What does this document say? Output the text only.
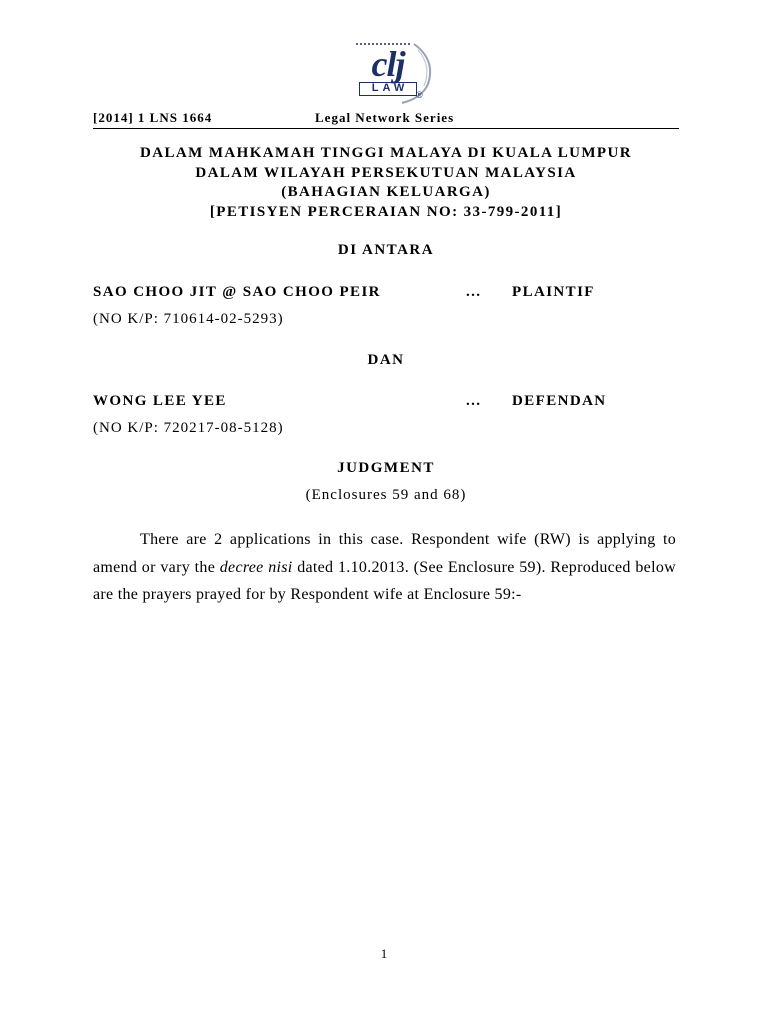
clj
LAW
®
[2014] 1 LNS 1664	Legal Network Series
DALAM MAHKAMAH TINGGI MALAYA DI KUALA LUMPUR
DALAM WILAYAH PERSEKUTUAN MALAYSIA
(BAHAGIAN KELUARGA)
[PETISYEN PERCERAIAN NO: 33-799-2011]
DI ANTARA
SAO CHOO JIT @ SAO CHOO PEIR	... PLAINTIF
(NO K/P: 710614-02-5293)
DAN
WONG LEE YEE	... DEFENDAN
(NO K/P: 720217-08-5128)
JUDGMENT
(Enclosures 59 and 68)
There are 2 applications in this case. Respondent wife (RW) is applying to amend or vary the decree nisi dated 1.10.2013. (See Enclosure 59). Reproduced below are the prayers prayed for by Respondent wife at Enclosure 59:-
1
